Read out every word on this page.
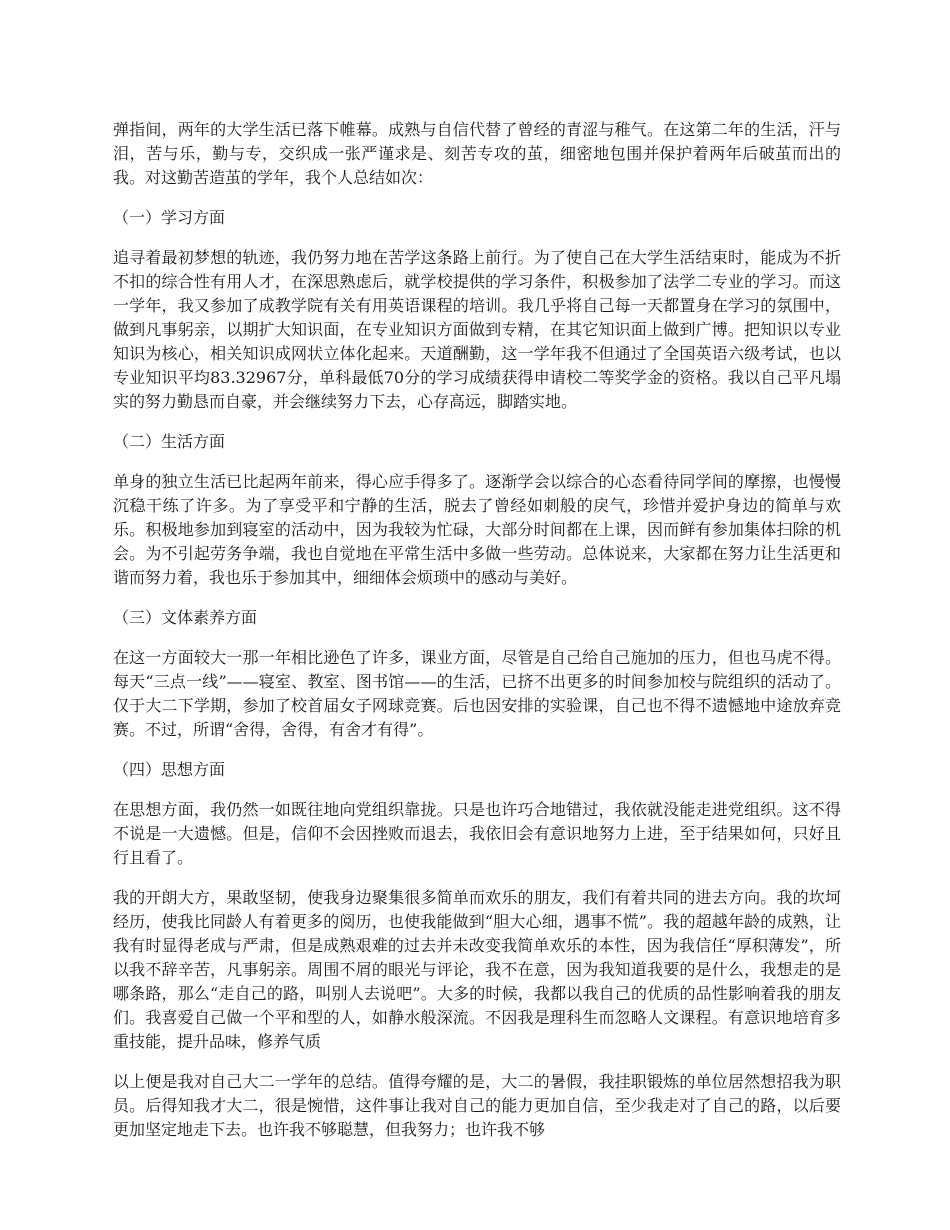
弹指间，两年的大学生活已落下帷幕。成熟与自信代替了曾经的青涩与稚气。在这第二年的生活，汗与泪，苦与乐，勤与专，交织成一张严谨求是、刻苦专攻的茧，细密地包围并保护着两年后破茧而出的我。对这勤苦造茧的学年，我个人总结如次：

（一）学习方面

追寻着最初梦想的轨迹，我仍努力地在苦学这条路上前行。为了使自己在大学生活结束时，能成为不折不扣的综合性有用人才，在深思熟虑后，就学校提供的学习条件，积极参加了法学二专业的学习。而这一学年，我又参加了成教学院有关有用英语课程的培训。我几乎将自己每一天都置身在学习的氛围中，做到凡事躬亲，以期扩大知识面，在专业知识方面做到专精，在其它知识面上做到广博。把知识以专业知识为核心，相关知识成网状立体化起来。天道酬勤，这一学年我不但通过了全国英语六级考试，也以专业知识平均83.32967分，单科最低70分的学习成绩获得申请校二等奖学金的资格。我以自己平凡塌实的努力勤恳而自豪，并会继续努力下去，心存高远，脚踏实地。

（二）生活方面

单身的独立生活已比起两年前来，得心应手得多了。逐渐学会以综合的心态看待同学间的摩擦，也慢慢沉稳干练了许多。为了享受平和宁静的生活，脱去了曾经如刺般的戾气，珍惜并爱护身边的简单与欢乐。积极地参加到寝室的活动中，因为我较为忙碌，大部分时间都在上课，因而鲜有参加集体扫除的机会。为不引起劳务争端，我也自觉地在平常生活中多做一些劳动。总体说来，大家都在努力让生活更和谐而努力着，我也乐于参加其中，细细体会烦琐中的感动与美好。

（三）文体素养方面

在这一方面较大一那一年相比逊色了许多，课业方面，尽管是自己给自己施加的压力，但也马虎不得。每天“三点一线”——寝室、教室、图书馆——的生活，已挤不出更多的时间参加校与院组织的活动了。仅于大二下学期，参加了校首届女子网球竞赛。后也因安排的实验课，自己也不得不遗憾地中途放弃竞赛。不过，所谓“舍得，舍得，有舍才有得”。

（四）思想方面

在思想方面，我仍然一如既往地向党组织靠拢。只是也许巧合地错过，我依就没能走进党组织。这不得不说是一大遗憾。但是，信仰不会因挫败而退去，我依旧会有意识地努力上进，至于结果如何，只好且行且看了。

我的开朗大方，果敢坚韧，使我身边聚集很多简单而欢乐的朋友，我们有着共同的进去方向。我的坎坷经历，使我比同龄人有着更多的阅历，也使我能做到“胆大心细，遇事不慌”。我的超越年龄的成熟，让我有时显得老成与严肃，但是成熟艰难的过去并未改变我简单欢乐的本性，因为我信任“厚积薄发”，所以我不辞辛苦，凡事躬亲。周围不屑的眼光与评论，我不在意，因为我知道我要的是什么，我想走的是哪条路，那么“走自己的路，叫别人去说吧”。大多的时候，我都以我自己的优质的品性影响着我的朋友们。我喜爱自己做一个平和型的人，如静水般深流。不因我是理科生而忽略人文课程。有意识地培育多重技能，提升品味，修养气质

以上便是我对自己大二一学年的总结。值得夸耀的是，大二的暑假，我挂职锻炼的单位居然想招我为职员。后得知我才大二，很是惋惜，这件事让我对自己的能力更加自信，至少我走对了自己的路，以后要更加坚定地走下去。也许我不够聪慧，但我努力；也许我不够
